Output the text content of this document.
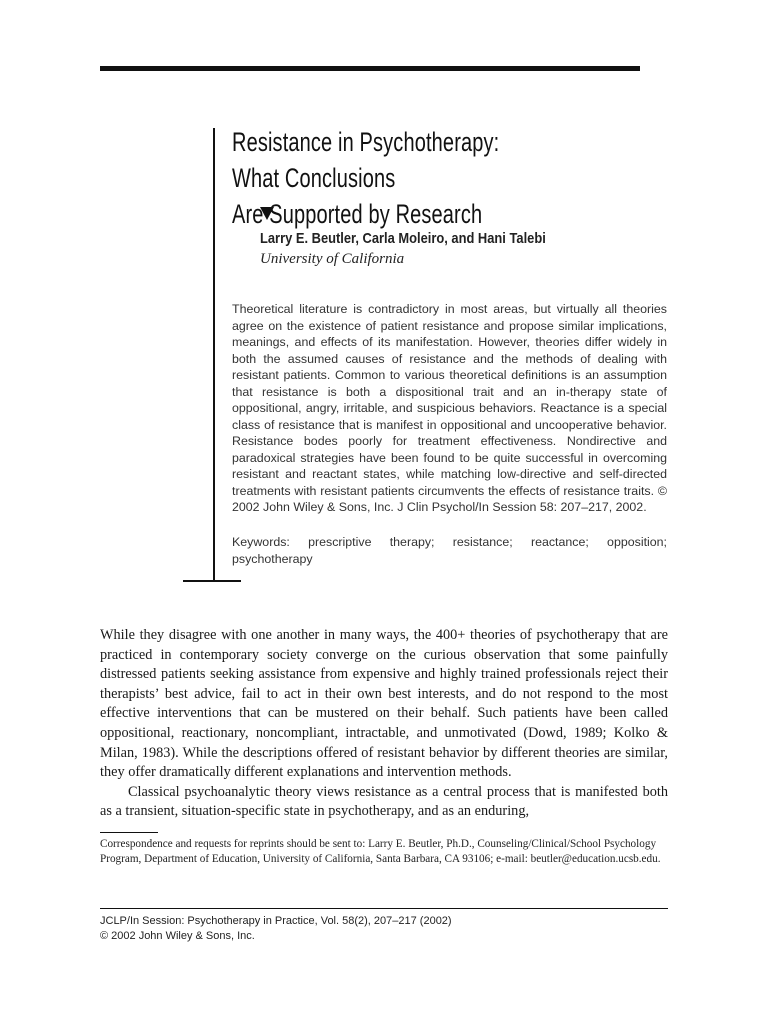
Resistance in Psychotherapy: What Conclusions
Are Supported by Research
Larry E. Beutler, Carla Moleiro, and Hani Talebi
University of California

Theoretical literature is contradictory in most areas, but virtually all theories agree on the existence of patient resistance and propose similar implications, meanings, and effects of its manifestation. However, theories differ widely in both the assumed causes of resistance and the methods of dealing with resistant patients. Common to various theoretical definitions is an assumption that resistance is both a dispositional trait and an in-therapy state of oppositional, angry, irritable, and suspicious behaviors. Reactance is a special class of resistance that is manifest in oppositional and uncooperative behavior. Resistance bodes poorly for treatment effectiveness. Nondirective and paradoxical strategies have been found to be quite successful in overcoming resistant and reactant states, while matching low-directive and self-directed treatments with resistant patients circumvents the effects of resistance traits. © 2002 John Wiley & Sons, Inc. J Clin Psychol/In Session 58: 207–217, 2002.

Keywords: prescriptive therapy; resistance; reactance; opposition; psychotherapy

While they disagree with one another in many ways, the 400+ theories of psychotherapy that are practiced in contemporary society converge on the curious observation that some painfully distressed patients seeking assistance from expensive and highly trained professionals reject their therapists’ best advice, fail to act in their own best interests, and do not respond to the most effective interventions that can be mustered on their behalf. Such patients have been called oppositional, reactionary, noncompliant, intractable, and unmotivated (Dowd, 1989; Kolko & Milan, 1983). While the descriptions offered of resistant behavior by different theories are similar, they offer dramatically different explanations and intervention methods.

Classical psychoanalytic theory views resistance as a central process that is manifested both as a transient, situation-specific state in psychotherapy, and as an enduring,

Correspondence and requests for reprints should be sent to: Larry E. Beutler, Ph.D., Counseling/Clinical/School Psychology Program, Department of Education, University of California, Santa Barbara, CA 93106; e-mail: beutler@education.ucsb.edu.

JCLP/In Session: Psychotherapy in Practice, Vol. 58(2), 207–217 (2002)
© 2002 John Wiley & Sons, Inc.
